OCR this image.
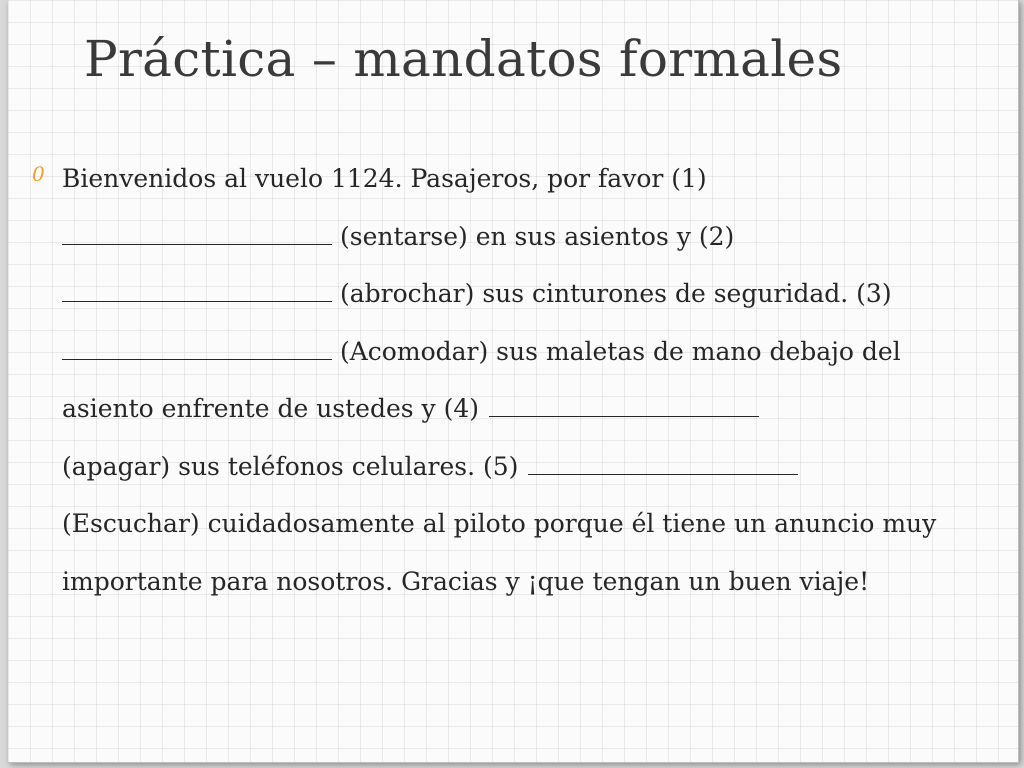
Práctica – mandatos formales
0 Bienvenidos al vuelo 1124. Pasajeros, por favor (1)
(sentarse) en sus asientos y (2)
(abrochar) sus cinturones de seguridad. (3)
(Acomodar) sus maletas de mano debajo del asiento enfrente de ustedes y (4)
(apagar) sus teléfonos celulares. (5)
(Escuchar) cuidadosamente al piloto porque él tiene un anuncio muy importante para nosotros. Gracias y ¡que tengan un buen viaje!
